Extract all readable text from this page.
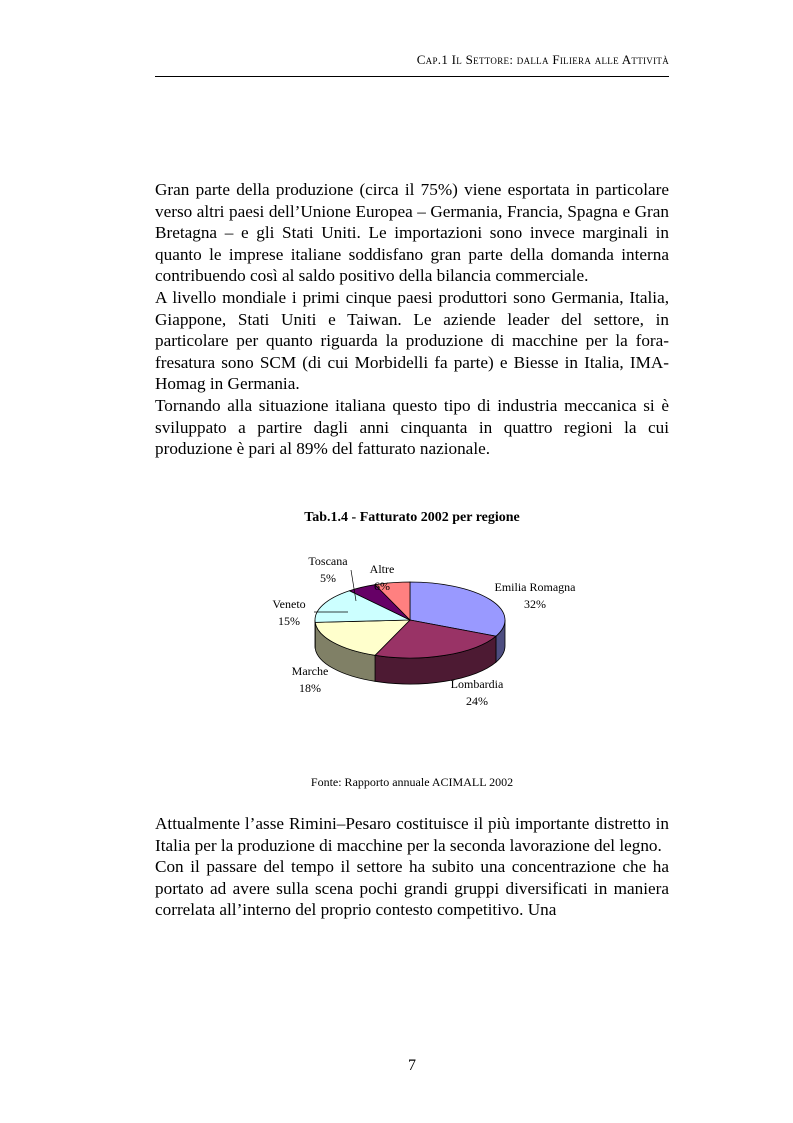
Cap.1 Il Settore: dalla Filiera alle Attività

Gran parte della produzione (circa il 75%) viene esportata in particolare verso altri paesi dell’Unione Europea – Germania, Francia, Spagna e Gran Bretagna – e gli Stati Uniti. Le importazioni sono invece marginali in quanto le imprese italiane soddisfano gran parte della domanda interna contribuendo così al saldo positivo della bilancia commerciale.

A livello mondiale i primi cinque paesi produttori sono Germania, Italia, Giappone, Stati Uniti e Taiwan. Le aziende leader del settore, in particolare per quanto riguarda la produzione di macchine per la fora-fresatura sono SCM (di cui Morbidelli fa parte) e Biesse in Italia, IMA-Homag in Germania.

Tornando alla situazione italiana questo tipo di industria meccanica si è sviluppato a partire dagli anni cinquanta in quattro regioni la cui produzione è pari al 89% del fatturato nazionale.

Tab.1.4 - Fatturato 2002 per regione
Emilia Romagna
32%
Lombardia
24%
Marche
18%
Veneto
15%
Toscana
5%
Altre
6%
Fonte: Rapporto annuale ACIMALL 2002

Attualmente l’asse Rimini–Pesaro costituisce il più importante distretto in Italia per la produzione di macchine per la seconda lavorazione del legno.

Con il passare del tempo il settore ha subito una concentrazione che ha portato ad avere sulla scena pochi grandi gruppi diversificati in maniera correlata all’interno del proprio contesto competitivo. Una

7
